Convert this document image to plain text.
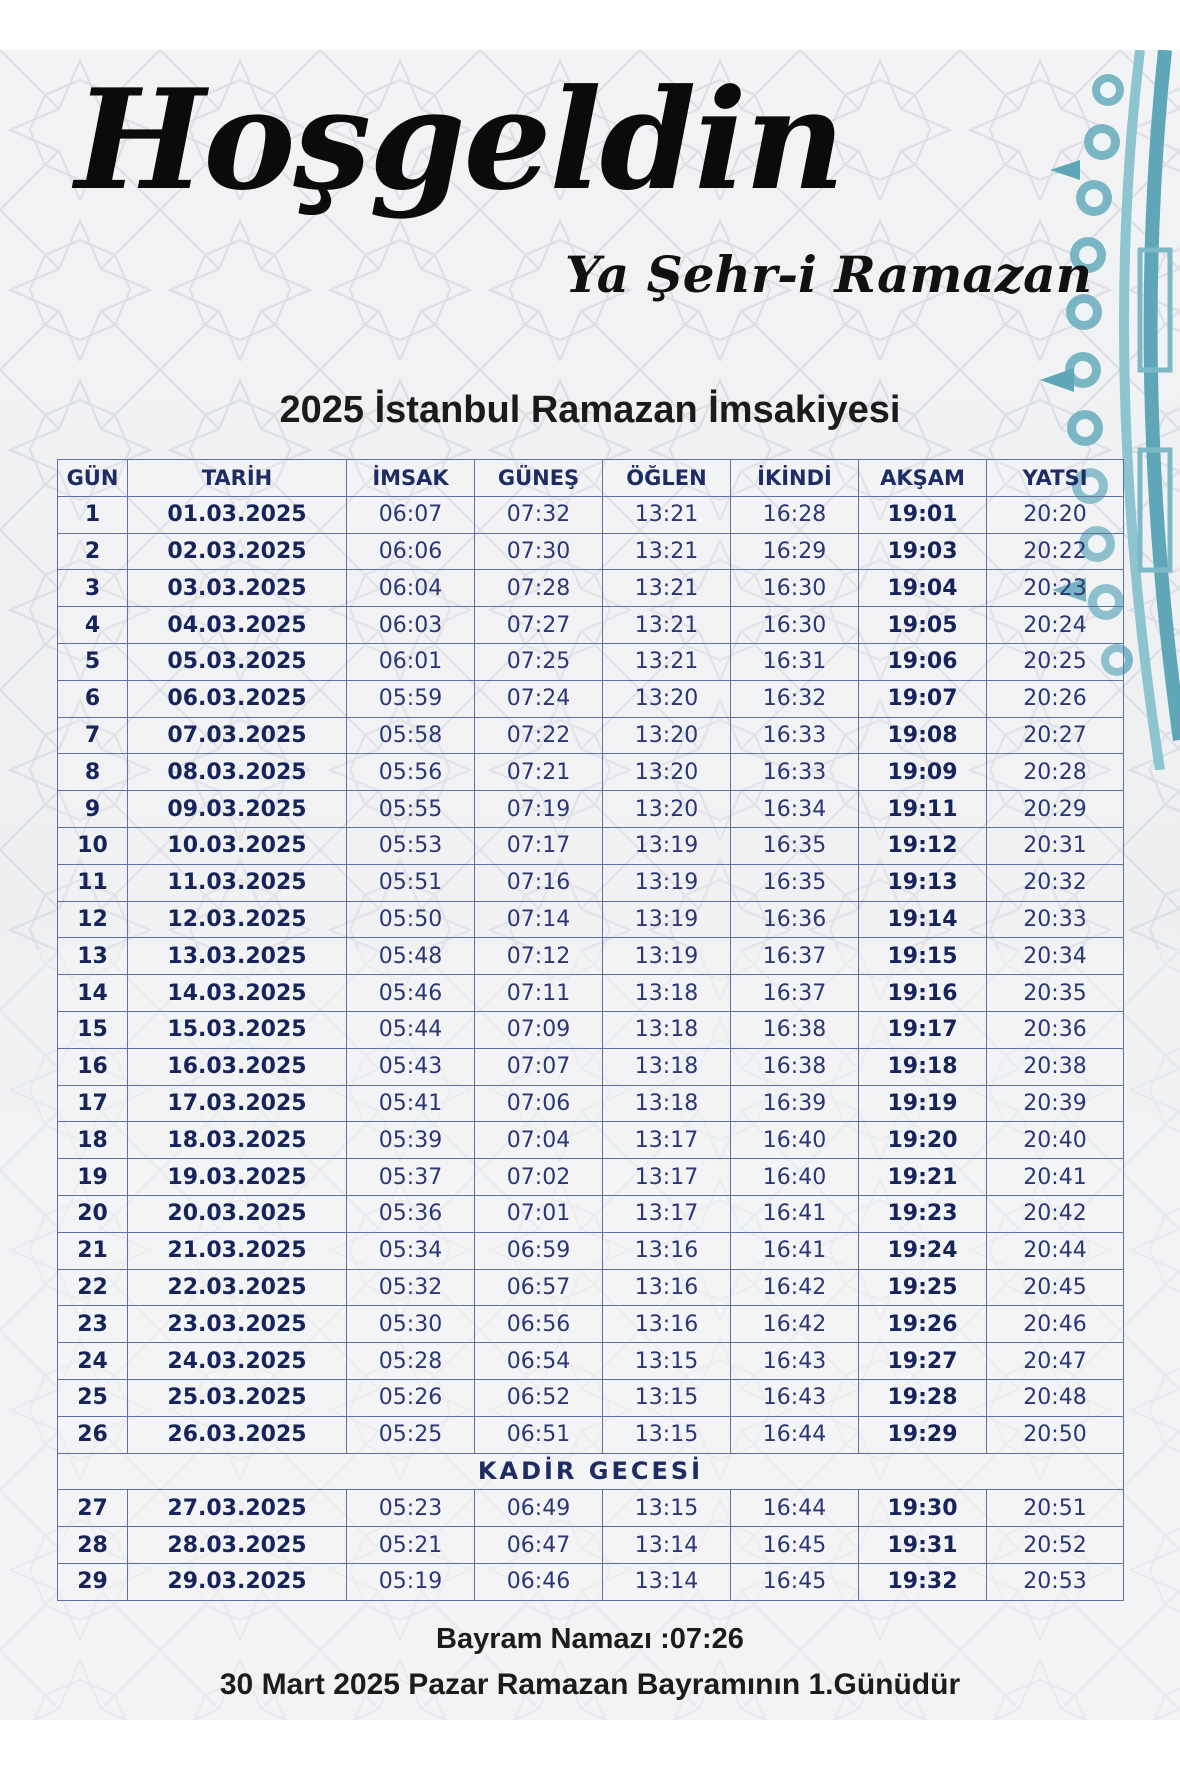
Hoşgeldin
Ya Şehr-i Ramazan
2025 İstanbul Ramazan İmsakiyesi
GÜN	TARİH	İMSAK	GÜNEŞ	ÖĞLEN	İKİNDİ	AKŞAM	YATSI
1	01.03.2025	06:07	07:32	13:21	16:28	19:01	20:20
2	02.03.2025	06:06	07:30	13:21	16:29	19:03	20:22
3	03.03.2025	06:04	07:28	13:21	16:30	19:04	20:23
4	04.03.2025	06:03	07:27	13:21	16:30	19:05	20:24
5	05.03.2025	06:01	07:25	13:21	16:31	19:06	20:25
6	06.03.2025	05:59	07:24	13:20	16:32	19:07	20:26
7	07.03.2025	05:58	07:22	13:20	16:33	19:08	20:27
8	08.03.2025	05:56	07:21	13:20	16:33	19:09	20:28
9	09.03.2025	05:55	07:19	13:20	16:34	19:11	20:29
10	10.03.2025	05:53	07:17	13:19	16:35	19:12	20:31
11	11.03.2025	05:51	07:16	13:19	16:35	19:13	20:32
12	12.03.2025	05:50	07:14	13:19	16:36	19:14	20:33
13	13.03.2025	05:48	07:12	13:19	16:37	19:15	20:34
14	14.03.2025	05:46	07:11	13:18	16:37	19:16	20:35
15	15.03.2025	05:44	07:09	13:18	16:38	19:17	20:36
16	16.03.2025	05:43	07:07	13:18	16:38	19:18	20:38
17	17.03.2025	05:41	07:06	13:18	16:39	19:19	20:39
18	18.03.2025	05:39	07:04	13:17	16:40	19:20	20:40
19	19.03.2025	05:37	07:02	13:17	16:40	19:21	20:41
20	20.03.2025	05:36	07:01	13:17	16:41	19:23	20:42
21	21.03.2025	05:34	06:59	13:16	16:41	19:24	20:44
22	22.03.2025	05:32	06:57	13:16	16:42	19:25	20:45
23	23.03.2025	05:30	06:56	13:16	16:42	19:26	20:46
24	24.03.2025	05:28	06:54	13:15	16:43	19:27	20:47
25	25.03.2025	05:26	06:52	13:15	16:43	19:28	20:48
26	26.03.2025	05:25	06:51	13:15	16:44	19:29	20:50
KADİR GECESİ							
27	27.03.2025	05:23	06:49	13:15	16:44	19:30	20:51
28	28.03.2025	05:21	06:47	13:14	16:45	19:31	20:52
29	29.03.2025	05:19	06:46	13:14	16:45	19:32	20:53
Bayram Namazı :07:26
30 Mart 2025 Pazar Ramazan Bayramının 1.Günüdür
